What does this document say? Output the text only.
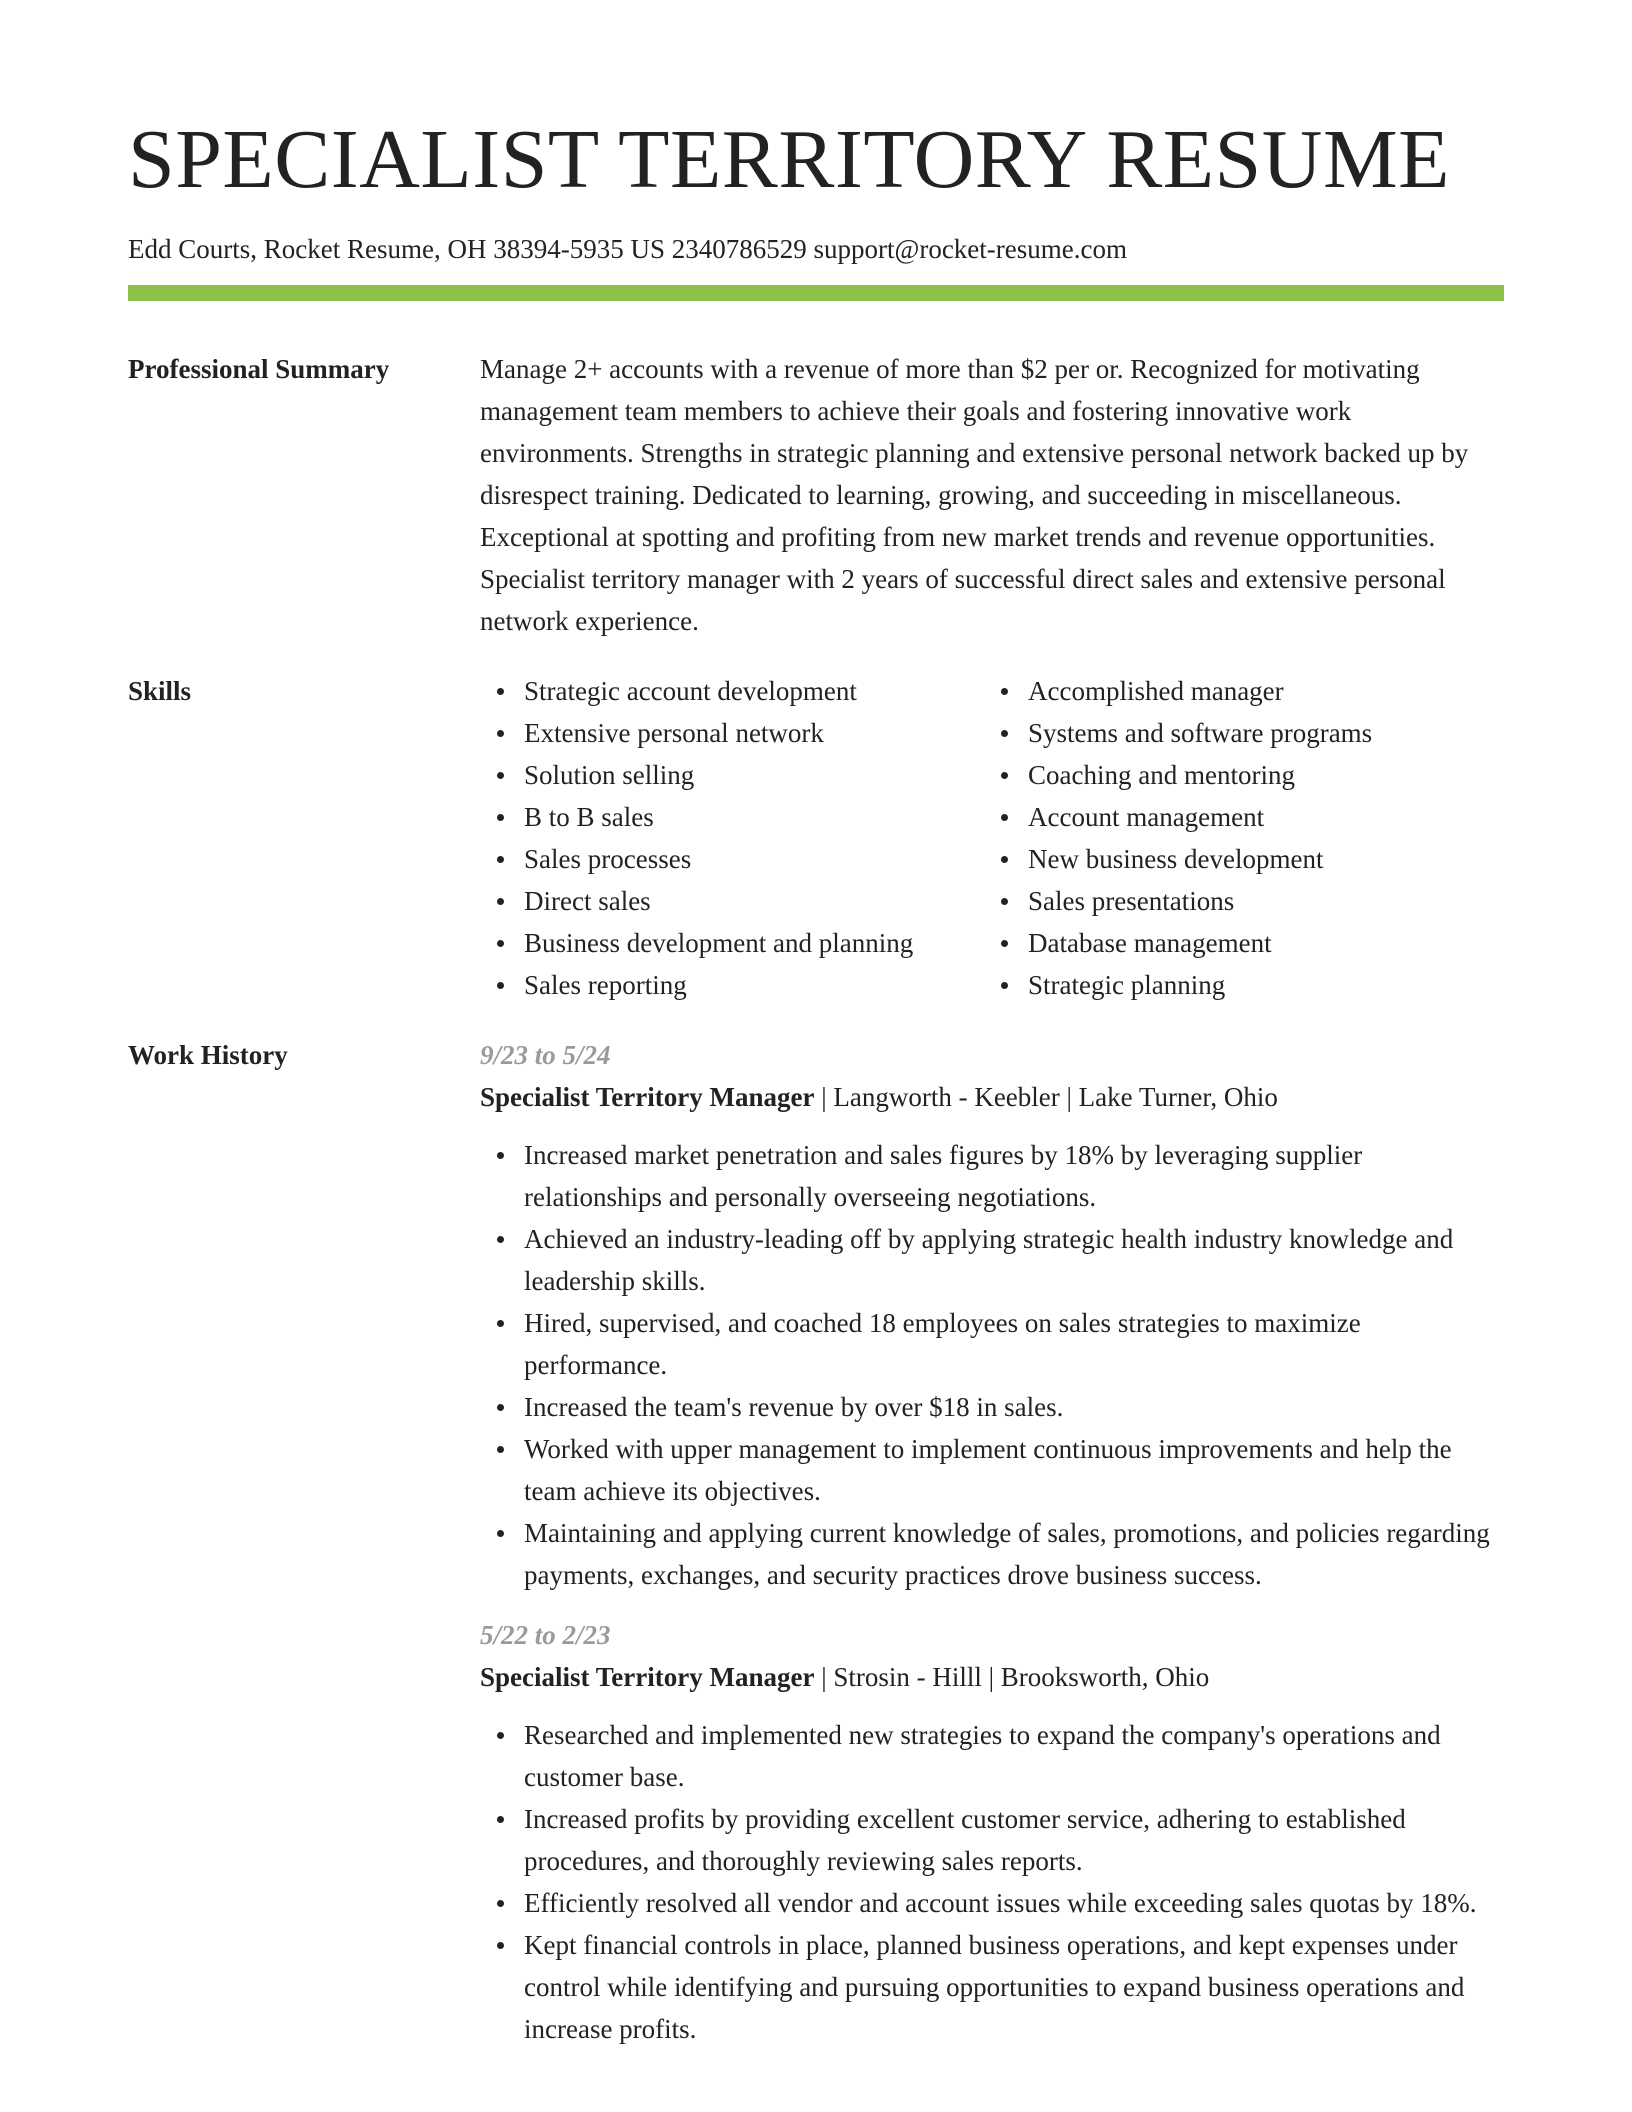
SPECIALIST TERRITORY RESUME
Edd Courts, Rocket Resume, OH 38394-5935 US 2340786529 support@rocket-resume.com
Professional Summary	Manage 2+ accounts with a revenue of more than $2 per or. Recognized for motivating management team members to achieve their goals and fostering innovative work environments. Strengths in strategic planning and extensive personal network backed up by disrespect training. Dedicated to learning, growing, and succeeding in miscellaneous. Exceptional at spotting and profiting from new market trends and revenue opportunities. Specialist territory manager with 2 years of successful direct sales and extensive personal network experience.

Skills	Strategic account development
Extensive personal network
Solution selling
B to B sales
Sales processes
Direct sales
Business development and planning
Sales reporting
Accomplished manager
Systems and software programs
Coaching and mentoring
Account management
New business development
Sales presentations
Database management
Strategic planning
Work History	9/23 to 5/24
Specialist Territory Manager | Langworth - Keebler | Lake Turner, Ohio
Increased market penetration and sales figures by 18% by leveraging supplier relationships and personally overseeing negotiations.
Achieved an industry-leading off by applying strategic health industry knowledge and leadership skills.
Hired, supervised, and coached 18 employees on sales strategies to maximize performance.
Increased the team's revenue by over $18 in sales.
Worked with upper management to implement continuous improvements and help the team achieve its objectives.
Maintaining and applying current knowledge of sales, promotions, and policies regarding payments, exchanges, and security practices drove business success.
5/22 to 2/23
Specialist Territory Manager | Strosin - Hilll | Brooksworth, Ohio
Researched and implemented new strategies to expand the company's operations and customer base.
Increased profits by providing excellent customer service, adhering to established procedures, and thoroughly reviewing sales reports.
Efficiently resolved all vendor and account issues while exceeding sales quotas by 18%.
Kept financial controls in place, planned business operations, and kept expenses under control while identifying and pursuing opportunities to expand business operations and increase profits.
